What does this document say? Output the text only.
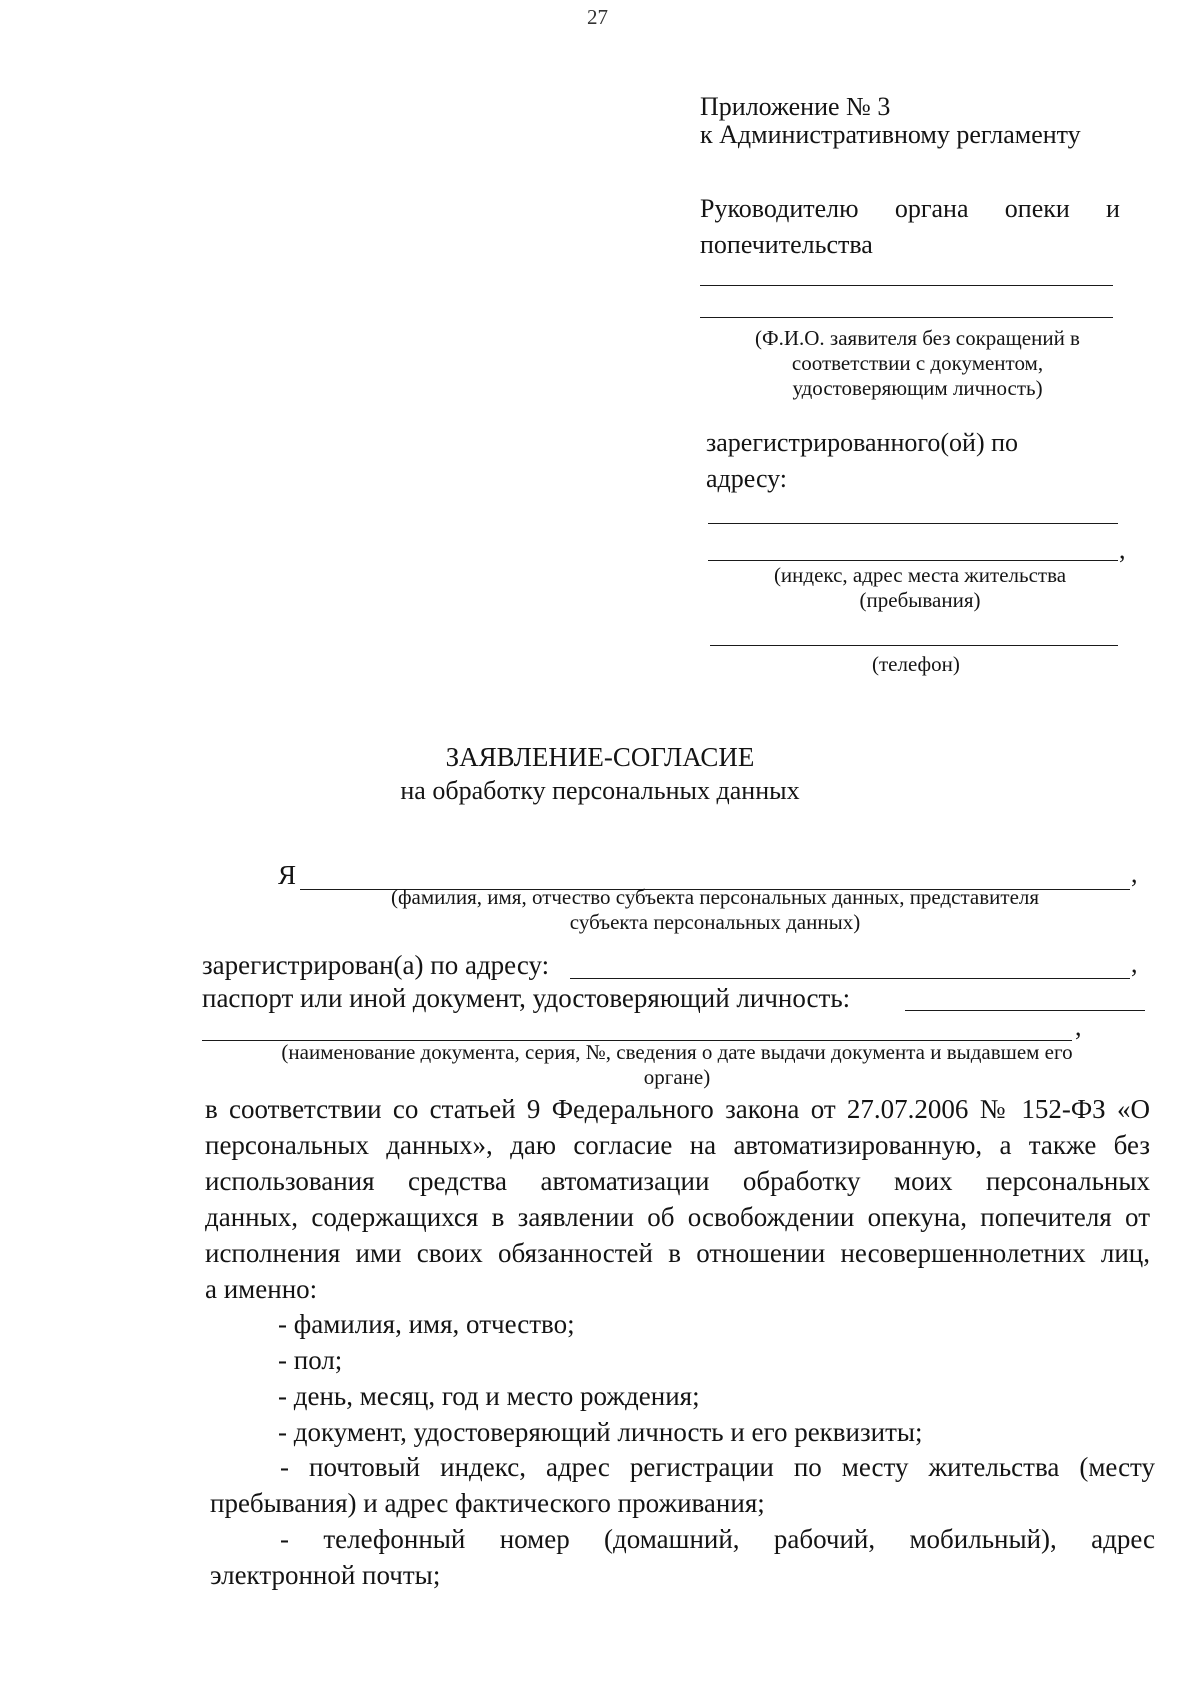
27
Приложение № 3
к Административному регламенту
Руководителю органа опеки и
попечительства
(Ф.И.О. заявителя без сокращений в
соответствии с документом,
удостоверяющим личность)
зарегистрированного(ой) по
адресу:
,
(индекс, адрес места жительства
(пребывания)
(телефон)
ЗАЯВЛЕНИЕ-СОГЛАСИЕ
на обработку персональных данных
Я	,
(фамилия, имя, отчество субъекта персональных данных, представителя
субъекта персональных данных)
зарегистрирован(а) по адресу:	,
паспорт или иной документ, удостоверяющий личность:
,
(наименование документа, серия, №, сведения о дате выдачи документа и выдавшем его
органе)
в соответствии со статьей 9 Федерального закона от 27.07.2006 № 152-ФЗ «О
персональных данных», даю согласие на автоматизированную, а также без
использования средства автоматизации обработку моих персональных
данных, содержащихся в заявлении об освобождении опекуна, попечителя от
исполнения ими своих обязанностей в отношении несовершеннолетних лиц,
а именно:
- фамилия, имя, отчество;
- пол;
- день, месяц, год и место рождения;
- документ, удостоверяющий личность и его реквизиты;
- почтовый индекс, адрес регистрации по месту жительства (месту
пребывания) и адрес фактического проживания;
- телефонный номер (домашний, рабочий, мобильный), адрес
электронной почты;
